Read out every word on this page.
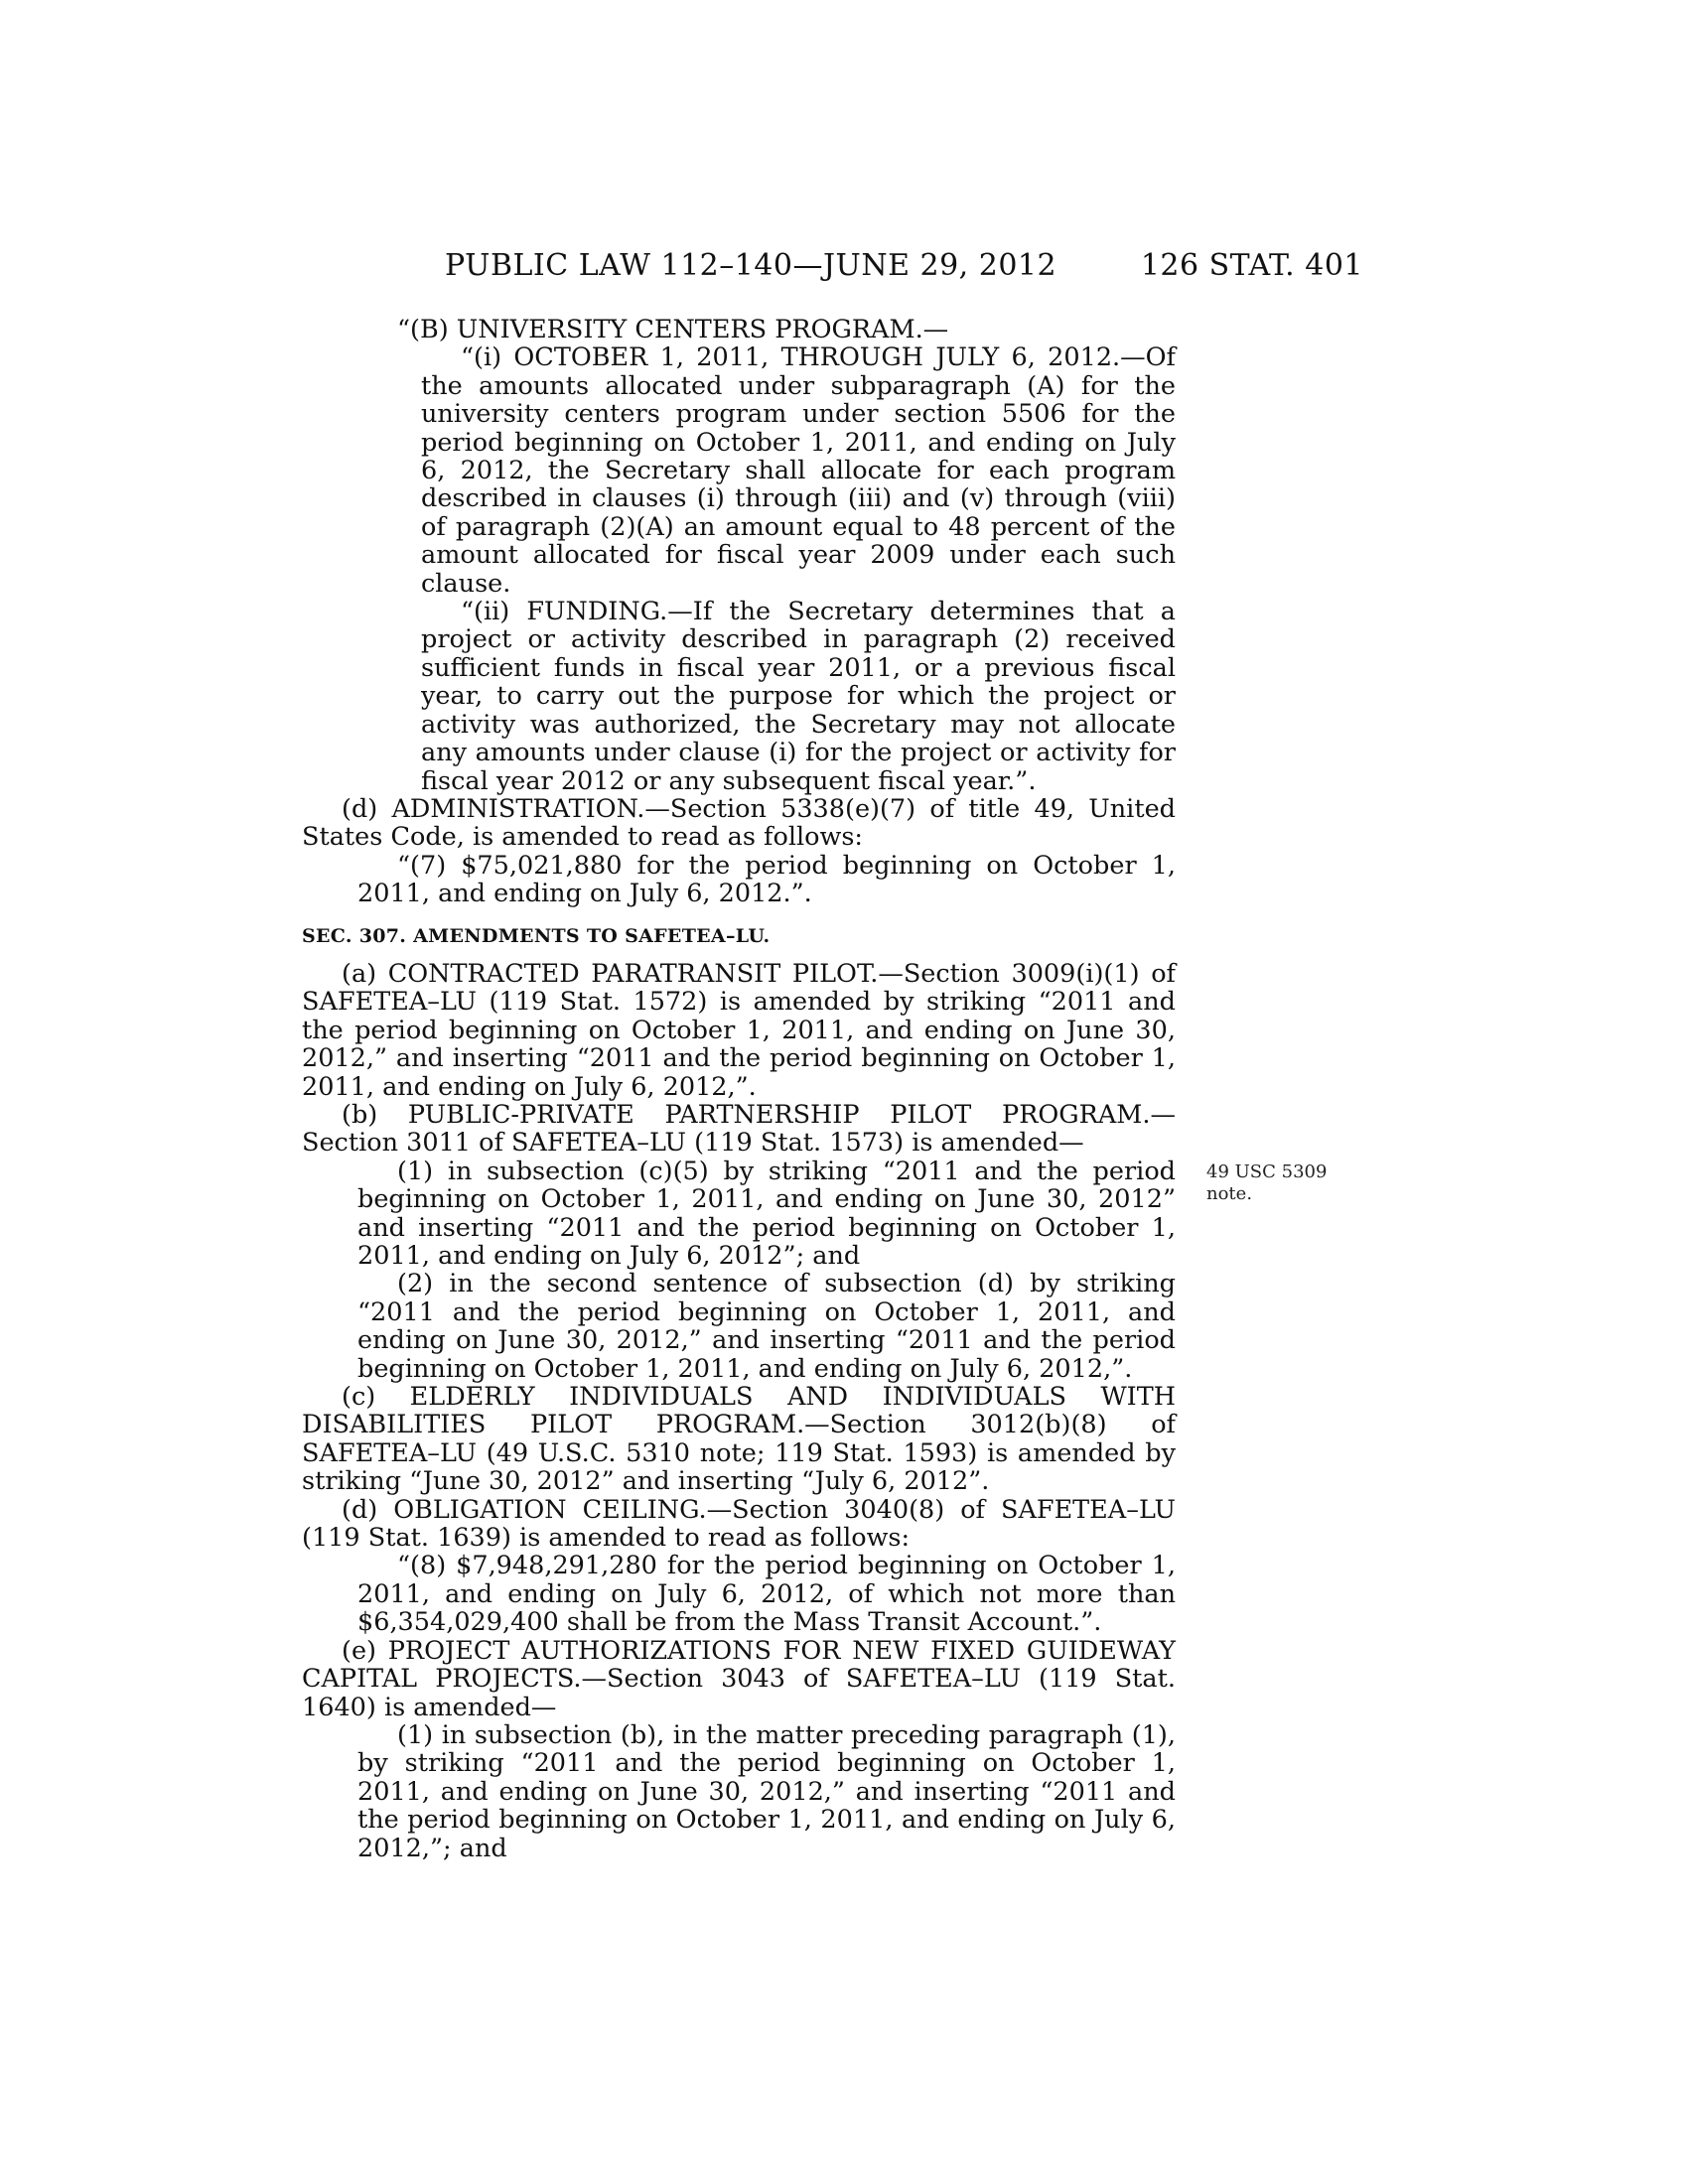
PUBLIC LAW 112–140—JUNE 29, 2012	126 STAT. 401

“(B) UNIVERSITY CENTERS PROGRAM.—

“(i) OCTOBER 1, 2011, THROUGH JULY 6, 2012.—Of the amounts allocated under subparagraph (A) for the university centers program under section 5506 for the period beginning on October 1, 2011, and ending on July 6, 2012, the Secretary shall allocate for each program described in clauses (i) through (iii) and (v) through (viii) of paragraph (2)(A) an amount equal to 48 percent of the amount allocated for fiscal year 2009 under each such clause.

“(ii) FUNDING.—If the Secretary determines that a project or activity described in paragraph (2) received sufficient funds in fiscal year 2011, or a previous fiscal year, to carry out the purpose for which the project or activity was authorized, the Secretary may not allocate any amounts under clause (i) for the project or activity for fiscal year 2012 or any subsequent fiscal year.”.

(d) ADMINISTRATION.—Section 5338(e)(7) of title 49, United States Code, is amended to read as follows:

“(7) $75,021,880 for the period beginning on October 1, 2011, and ending on July 6, 2012.”.

SEC. 307. AMENDMENTS TO SAFETEA–LU.

(a) CONTRACTED PARATRANSIT PILOT.—Section 3009(i)(1) of SAFETEA–LU (119 Stat. 1572) is amended by striking “2011 and the period beginning on October 1, 2011, and ending on June 30, 2012,” and inserting “2011 and the period beginning on October 1, 2011, and ending on July 6, 2012,”.

(b) PUBLIC-PRIVATE PARTNERSHIP PILOT PROGRAM.—Section 3011 of SAFETEA–LU (119 Stat. 1573) is amended—

(1) in subsection (c)(5) by striking “2011 and the period beginning on October 1, 2011, and ending on June 30, 2012” and inserting “2011 and the period beginning on October 1, 2011, and ending on July 6, 2012”; and

(2) in the second sentence of subsection (d) by striking “2011 and the period beginning on October 1, 2011, and ending on June 30, 2012,” and inserting “2011 and the period beginning on October 1, 2011, and ending on July 6, 2012,”.

(c) ELDERLY INDIVIDUALS AND INDIVIDUALS WITH DISABILITIES PILOT PROGRAM.—Section 3012(b)(8) of SAFETEA–LU (49 U.S.C. 5310 note; 119 Stat. 1593) is amended by striking “June 30, 2012” and inserting “July 6, 2012”.

(d) OBLIGATION CEILING.—Section 3040(8) of SAFETEA–LU (119 Stat. 1639) is amended to read as follows:

“(8) $7,948,291,280 for the period beginning on October 1, 2011, and ending on July 6, 2012, of which not more than $6,354,029,400 shall be from the Mass Transit Account.”.

(e) PROJECT AUTHORIZATIONS FOR NEW FIXED GUIDEWAY CAPITAL PROJECTS.—Section 3043 of SAFETEA–LU (119 Stat. 1640) is amended—

(1) in subsection (b), in the matter preceding paragraph (1), by striking “2011 and the period beginning on October 1, 2011, and ending on June 30, 2012,” and inserting “2011 and the period beginning on October 1, 2011, and ending on July 6, 2012,”; and

49 USC 5309
note.
